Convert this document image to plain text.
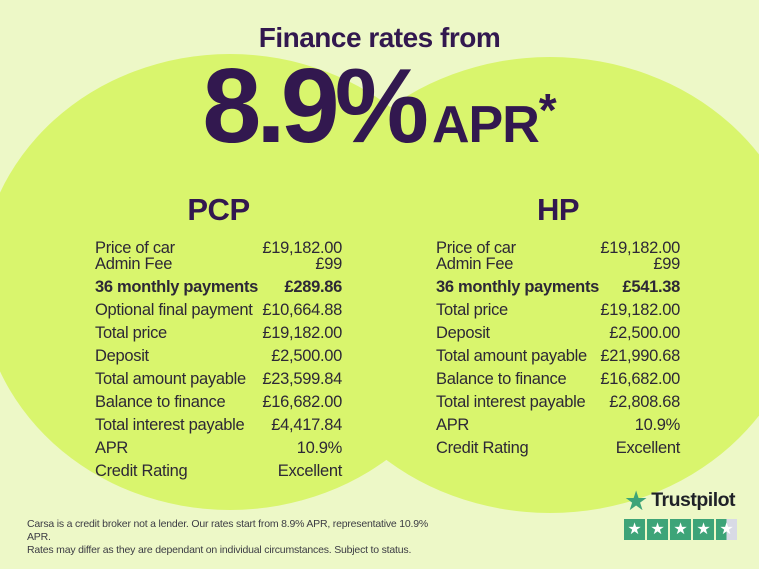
Finance rates from
8.9% APR *
PCP	HP
Price of car	£19,182.00
Admin Fee	£99
36 monthly payments £289.86
Optional final payment £10,664.88
Total price	£19,182.00
Deposit	£2,500.00
Total amount payable £23,599.84
Balance to finance £16,682.00
Total interest payable £4,417.84
APR	10.9%
Credit Rating	Excellent
Price of car	£19,182.00
Admin Fee	£99
36 monthly payments £541.38
Total price	£19,182.00
Deposit	£2,500.00
Total amount payable £21,990.68
Balance to finance £16,682.00
Total interest payable £2,808.68
APR	10.9%
Credit Rating	Excellent
Carsa is a credit broker not a lender. Our rates start from 8.9% APR, representative 10.9% APR.
Rates may differ as they are dependant on individual circumstances. Subject to status.
★ Trustpilot
★ ★ ★ ★ ★
